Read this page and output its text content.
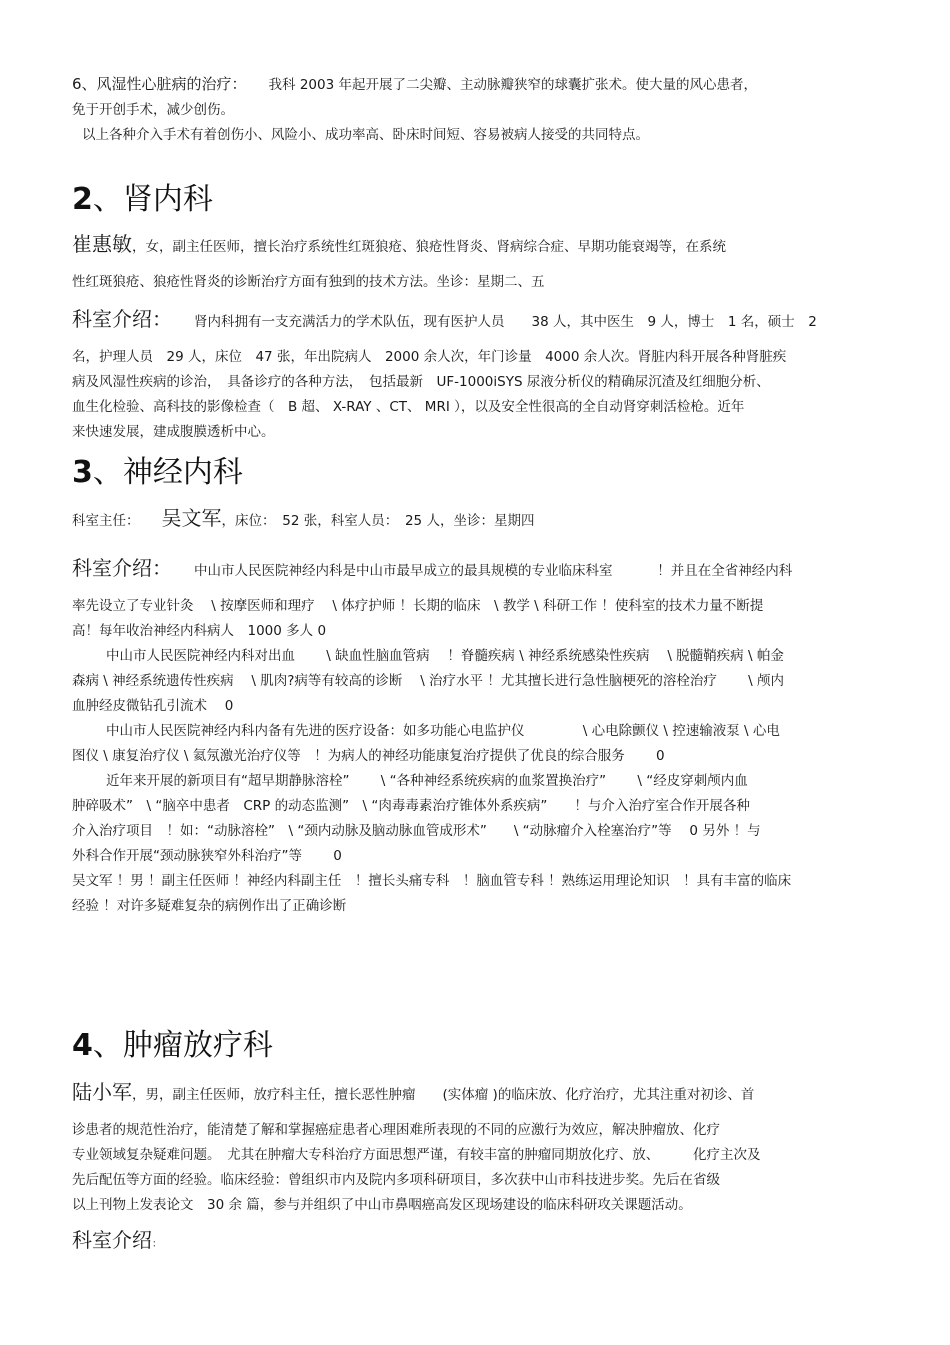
6、风湿性心脏病的治疗： 我科 2003 年起开展了二尖瓣、主动脉瓣狭窄的球囊扩张术。使大量的风心患者，
免于开创手术，减少创伤。
以上各种介入手术有着创伤小、风险小、成功率高、卧床时间短、容易被病人接受的共同特点。
2、肾内科
崔惠敏，女，副主任医师，擅长治疗系统性红斑狼疮、狼疮性肾炎、肾病综合症、早期功能衰竭等，在系统
性红斑狼疮、狼疮性肾炎的诊断治疗方面有独到的技术方法。坐诊：星期二、五
科室介绍： 肾内科拥有一支充满活力的学术队伍，现有医护人员　　38 人，其中医生　9 人，博士　1 名，硕士　2
名，护理人员　29 人，床位　47 张，年出院病人　2000 余人次，年门诊量　4000 余人次。肾脏内科开展各种肾脏疾
病及风湿性疾病的诊治，　具备诊疗的各种方法，　包括最新　UF-1000iSYS 尿液分析仪的精确尿沉渣及红细胞分析、
血生化检验、高科技的影像检查（　B 超、 X-RAY 、CT、 MRI ），以及安全性很高的全自动肾穿刺活检枪。近年
来快速发展，建成腹膜透析中心。
3、神经内科
科室主任： 吴文军，床位：　52 张，科室人员：　25 人，坐诊：星期四
科室介绍： 中山市人民医院神经内科是中山市最早成立的最具规模的专业临床科室　　　 ！并且在全省神经内科
率先设立了专业针灸　 \ 按摩医师和理疗　 \ 体疗护师 ！长期的临床　\ 教学 \ 科研工作 ！使科室的技术力量不断提
高！每年收治神经内科病人　1000 多人 0
中山市人民医院神经内科对出血　　 \ 缺血性脑血管病　 ！脊髓疾病 \ 神经系统感染性疾病　 \ 脱髓鞘疾病 \ 帕金
森病 \ 神经系统遗传性疾病　 \ 肌肉?病等有较高的诊断　 \ 治疗水平 ！尤其擅长进行急性脑梗死的溶栓治疗　　 \ 颅内
血肿经皮微钻孔引流术　 0
中山市人民医院神经内科内备有先进的医疗设备：如多功能心电监护仪　　　　 \ 心电除颤仪 \ 控速输液泵 \ 心电
图仪 \ 康复治疗仪 \ 氦氖激光治疗仪等　！为病人的神经功能康复治疗提供了优良的综合服务　　 0
近年来开展的新项目有“超早期静脉溶栓”　　 \ “各种神经系统疾病的血浆置换治疗”　　 \ “经皮穿刺颅内血
肿碎吸术”　\ “脑卒中患者　CRP 的动态监测”　\ “肉毒毒素治疗锥体外系疾病”　　！与介入治疗室合作开展各种
介入治疗项目　！如：“动脉溶栓”　\ “颈内动脉及脑动脉血管成形术”　　\ “动脉瘤介入栓塞治疗”等　 0 另外 ！与
外科合作开展“颈动脉狭窄外科治疗”等　　 0
吴文军 ！男 ！副主任医师 ！神经内科副主任　！擅长头痛专科　！脑血管专科 ！熟练运用理论知识　！具有丰富的临床
经验 ！对许多疑难复杂的病例作出了正确诊断
4、肿瘤放疗科
陆小军，男，副主任医师，放疗科主任，擅长恶性肿瘤　　(实体瘤 )的临床放、化疗治疗，尤其注重对初诊、首
诊患者的规范性治疗，能清楚了解和掌握癌症患者心理困难所表现的不同的应激行为效应，解决肿瘤放、化疗
专业领域复杂疑难问题。　尤其在肿瘤大专科治疗方面思想严谨，有较丰富的肿瘤同期放化疗、放、　　　化疗主次及
先后配伍等方面的经验。临床经验：曾组织市内及院内多项科研项目，多次获中山市科技进步奖。先后在省级
以上刊物上发表论文　30 余 篇，参与并组织了中山市鼻咽癌高发区现场建设的临床科研攻关课题活动。
科室介绍：
